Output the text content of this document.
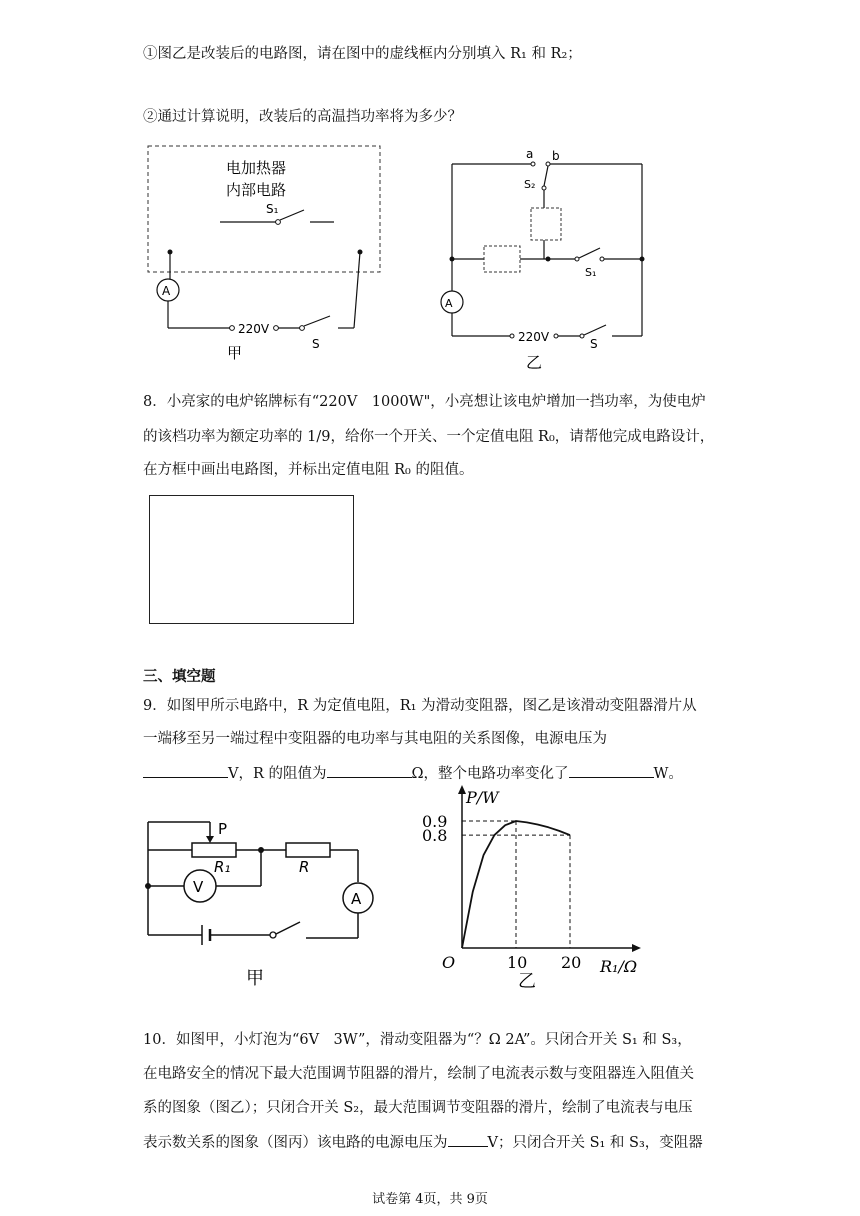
①图乙是改装后的电路图，请在图中的虚线框内分别填入 R₁ 和 R₂；
②通过计算说明，改装后的高温挡功率将为多少？
电加热器
内部电路
S₁
A
220V
S
甲
a b
S₂
S₁
A
220V	S
乙
8．小亮家的电炉铭牌标有“220V　1000W"，小亮想让该电炉增加一挡功率，为使电炉
的该档功率为额定功率的 1/9，给你一个开关、一个定值电阻 R₀，请帮他完成电路设计，
在方框中画出电路图，并标出定值电阻 R₀ 的阻值。
三、填空题
9．如图甲所示电路中，R 为定值电阻，R₁ 为滑动变阻器，图乙是该滑动变阻器滑片从
一端移至另一端过程中变阻器的电功率与其电阻的关系图像，电源电压为
V，R 的阻值为	Ω，整个电路功率变化了	W。
P
R₁	R
A
V
甲
P/W
R₁/Ω
O	10 20
0.8
0.9
乙
10．如图甲，小灯泡为“6V　3W”，滑动变阻器为“？Ω 2A”。只闭合开关 S₁ 和 S₃，
在电路安全的情况下最大范围调节阻器的滑片，绘制了电流表示数与变阻器连入阻值关
系的图象（图乙）；只闭合开关 S₂，最大范围调节变阻器的滑片，绘制了电流表与电压
表示数关系的图象（图丙）该电路的电源电压为	V；只闭合开关 S₁ 和 S₃，变阻器
试卷第 4页，共 9页
